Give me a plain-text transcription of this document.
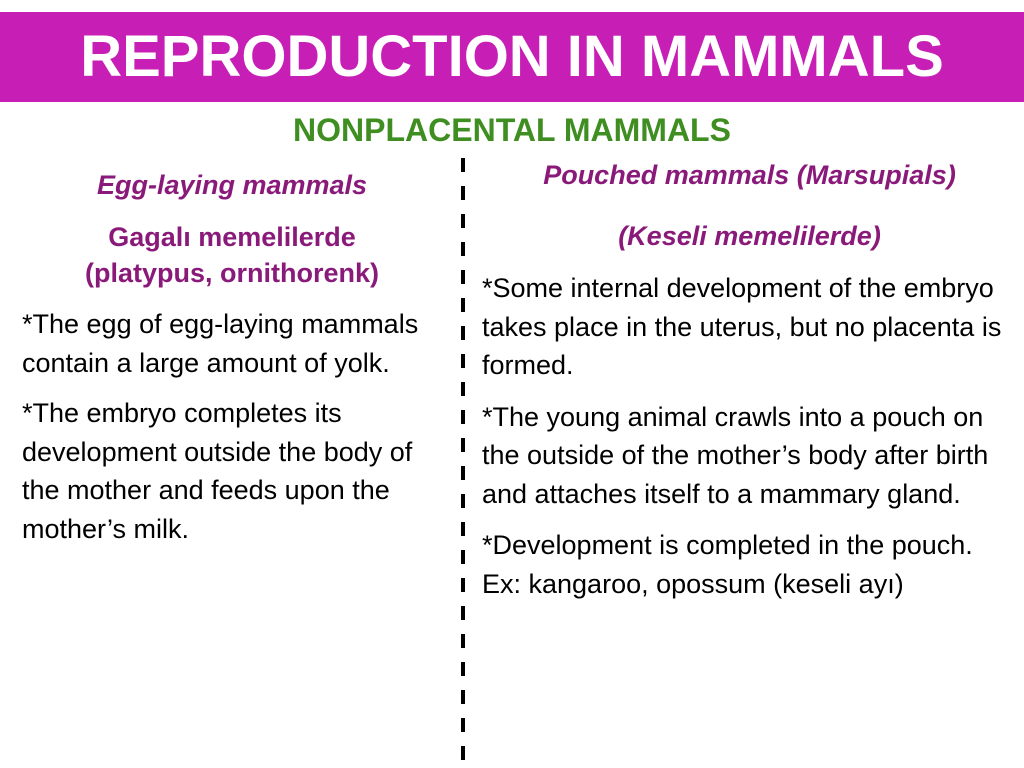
REPRODUCTION IN MAMMALS
NONPLACENTAL MAMMALS

Egg-laying mammals

Gagalı memelilerde

(platypus, ornithorenk)

*The egg of egg-laying mammals contain a large amount of yolk.

*The embryo completes its development outside the body of the mother and feeds upon the mother’s milk.

Pouched mammals (Marsupials)

(Keseli memelilerde)

*Some internal development of the embryo takes place in the uterus, but no placenta is formed.

*The young animal crawls into a pouch on the outside of the mother’s body after birth and attaches itself to a mammary gland.

*Development is completed in the pouch. Ex: kangaroo, opossum (keseli ayı)
